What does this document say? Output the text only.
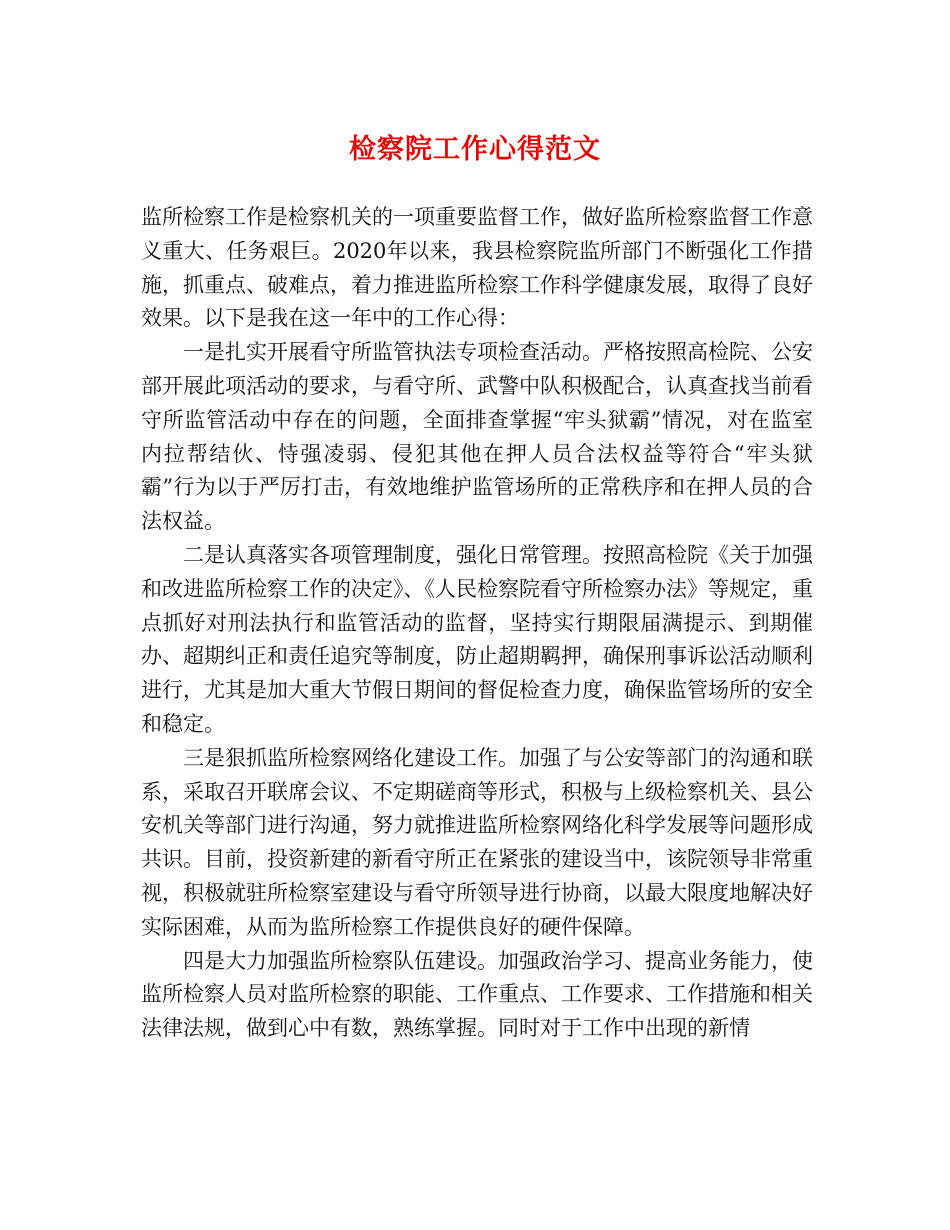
检察院工作心得范文

监所检察工作是检察机关的一项重要监督工作，做好监所检察监督工作意义重大、任务艰巨。2020年以来，我县检察院监所部门不断强化工作措施，抓重点、破难点，着力推进监所检察工作科学健康发展，取得了良好效果。以下是我在这一年中的工作心得：

一是扎实开展看守所监管执法专项检查活动。严格按照高检院、公安部开展此项活动的要求，与看守所、武警中队积极配合，认真查找当前看守所监管活动中存在的问题，全面排查掌握“牢头狱霸”情况，对在监室内拉帮结伙、恃强凌弱、侵犯其他在押人员合法权益等符合“牢头狱霸”行为以于严厉打击，有效地维护监管场所的正常秩序和在押人员的合法权益。

二是认真落实各项管理制度，强化日常管理。按照高检院《关于加强和改进监所检察工作的决定》、《人民检察院看守所检察办法》等规定，重点抓好对刑法执行和监管活动的监督，坚持实行期限届满提示、到期催办、超期纠正和责任追究等制度，防止超期羁押，确保刑事诉讼活动顺利进行，尤其是加大重大节假日期间的督促检查力度，确保监管场所的安全和稳定。

三是狠抓监所检察网络化建设工作。加强了与公安等部门的沟通和联系，采取召开联席会议、不定期磋商等形式，积极与上级检察机关、县公安机关等部门进行沟通，努力就推进监所检察网络化科学发展等问题形成共识。目前，投资新建的新看守所正在紧张的建设当中，该院领导非常重视，积极就驻所检察室建设与看守所领导进行协商，以最大限度地解决好实际困难，从而为监所检察工作提供良好的硬件保障。

四是大力加强监所检察队伍建设。加强政治学习、提高业务能力，使监所检察人员对监所检察的职能、工作重点、工作要求、工作措施和相关法律法规，做到心中有数，熟练掌握。同时对于工作中出现的新情
